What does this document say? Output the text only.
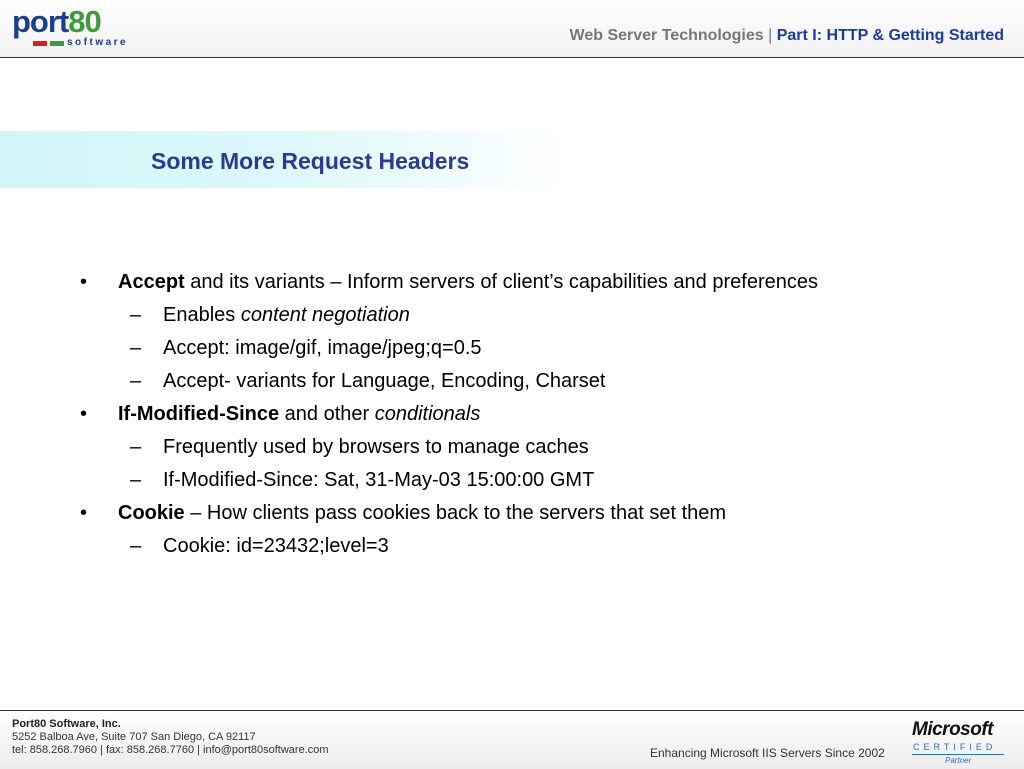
port80
software	Web Server Technologies | Part I: HTTP & Getting Started
Some More Request Headers
• Accept and its variants – Inform servers of client’s capabilities and preferences
– Enables content negotiation
– Accept: image/gif, image/jpeg;q=0.5
– Accept- variants for Language, Encoding, Charset
• If-Modified-Since and other conditionals
– Frequently used by browsers to manage caches
– If-Modified-Since: Sat, 31-May-03 15:00:00 GMT
• Cookie – How clients pass cookies back to the servers that set them
– Cookie: id=23432;level=3
Port80 Software, Inc.
5252 Balboa Ave, Suite 707 San Diego, CA 92117
tel: 858.268.7960 | fax: 858.268.7760 | info@port80software.com	Enhancing Microsoft IIS Servers Since 2002
Microsoft
CERTIFIED
Partner
